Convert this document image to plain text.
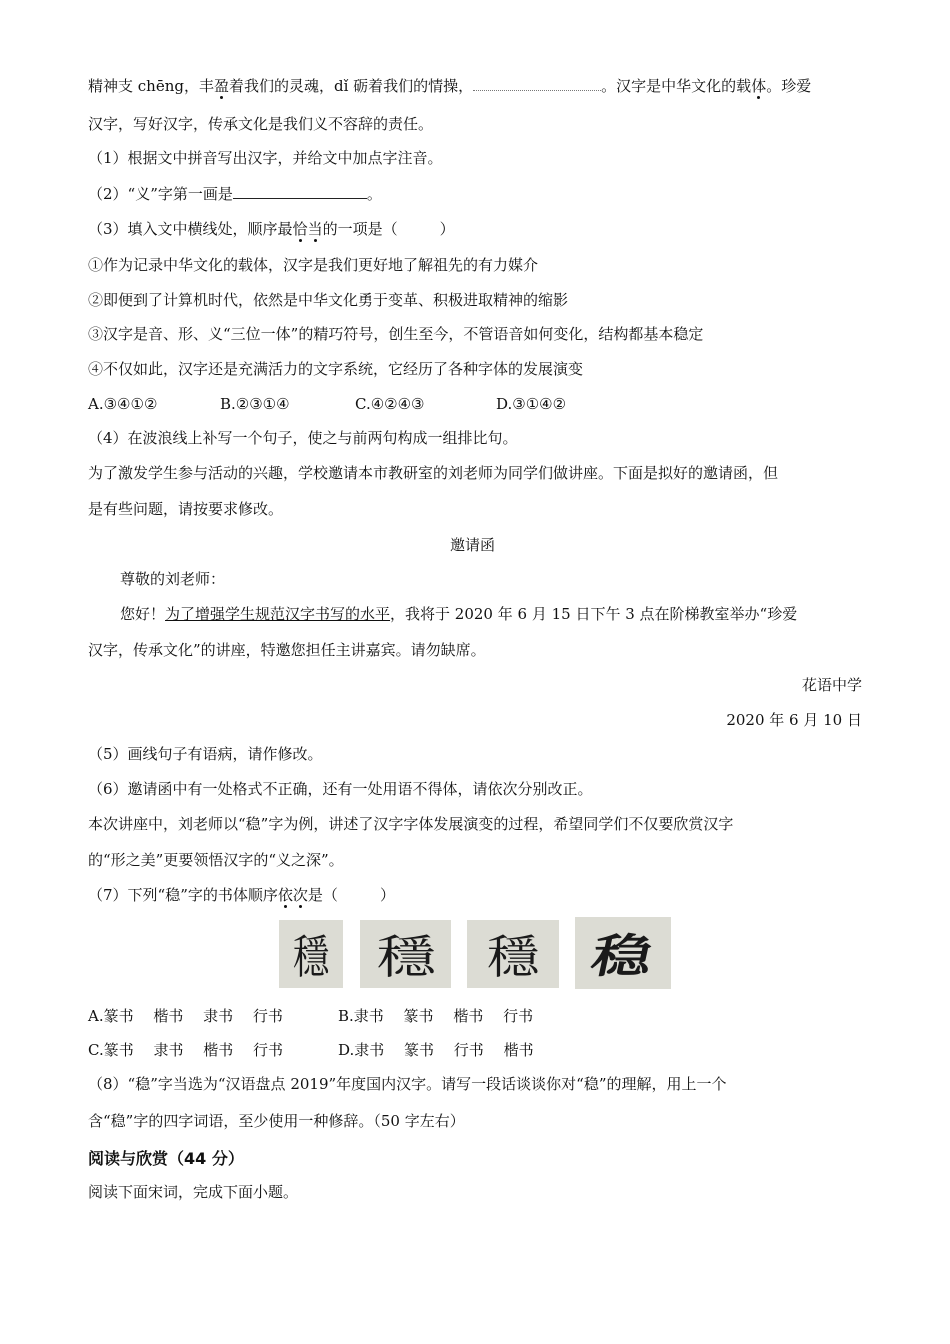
精神支 chēng，丰盈着我们的灵魂，dǐ 砺着我们的情操，	。汉字是中华文化的载体。珍爱
汉字，写好汉字，传承文化是我们义不容辞的责任。
（1）根据文中拼音写出汉字，并给文中加点字注音。
（2）“义”字第一画是	。
（3）填入文中横线处，顺序最恰当的一项是（	）
①作为记录中华文化的载体，汉字是我们更好地了解祖先的有力媒介
②即便到了计算机时代，依然是中华文化勇于变革、积极进取精神的缩影
③汉字是音、形、义“三位一体”的精巧符号，创生至今，不管语音如何变化，结构都基本稳定
④不仅如此，汉字还是充满活力的文字系统，它经历了各种字体的发展演变
A.③④①②	B.②③①④	C.④②④③	D.③①④②
（4）在波浪线上补写一个句子，使之与前两句构成一组排比句。
为了激发学生参与活动的兴趣，学校邀请本市教研室的刘老师为同学们做讲座。下面是拟好的邀请函，但
是有些问题，请按要求修改。
邀请函
尊敬的刘老师：
您好！为了增强学生规范汉字书写的水平，我将于 2020 年 6 月 15 日下午 3 点在阶梯教室举办“珍爱
汉字，传承文化”的讲座，特邀您担任主讲嘉宾。请勿缺席。
花语中学
2020 年 6 月 10 日
（5）画线句子有语病，请作修改。
（6）邀请函中有一处格式不正确，还有一处用语不得体，请依次分别改正。
本次讲座中，刘老师以“稳”字为例，讲述了汉字字体发展演变的过程，希望同学们不仅要欣赏汉字
的“形之美”更要领悟汉字的“义之深”。
（7）下列“稳”字的书体顺序依次是（	）
穩 穩 穩 稳
A.篆书　 楷书　 隶书　 行书	B.隶书　 篆书　 楷书　 行书
C.篆书　 隶书　 楷书　 行书	D.隶书　 篆书　 行书　 楷书
（8）“稳”字当选为“汉语盘点 2019”年度国内汉字。请写一段话谈谈你对“稳”的理解，用上一个
含“稳”字的四字词语，至少使用一种修辞。（50 字左右）
阅读与欣赏（44 分）
阅读下面宋词，完成下面小题。
